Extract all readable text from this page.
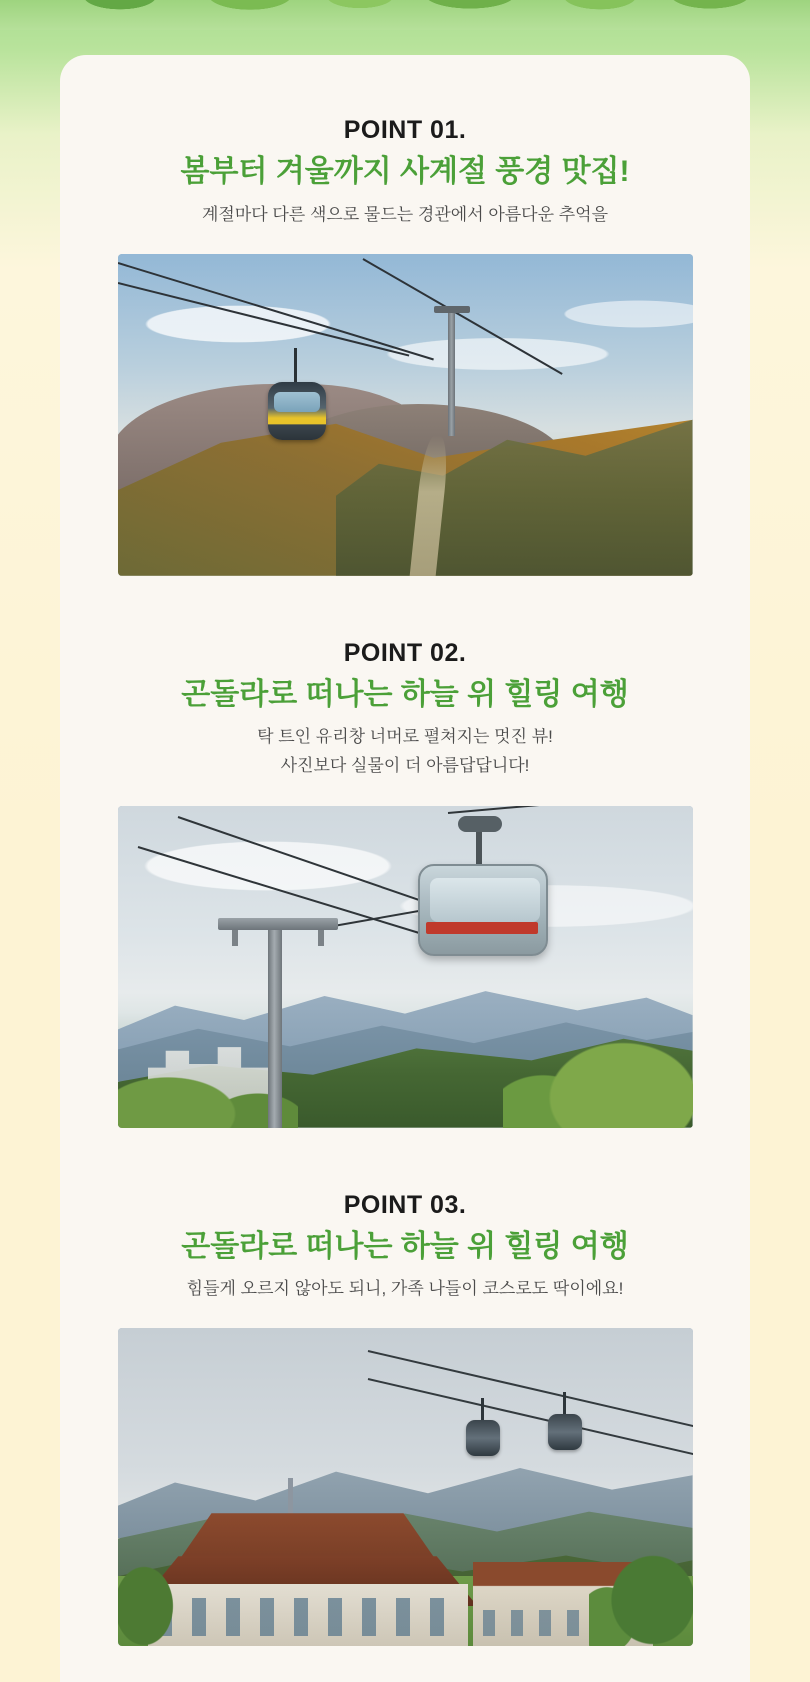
POINT 01.

봄부터 겨울까지 사계절 풍경 맛집!

계절마다 다른 색으로 물드는 경관에서 아름다운 추억을

POINT 02.

곤돌라로 떠나는 하늘 위 힐링 여행

탁 트인 유리창 너머로 펼쳐지는 멋진 뷰!

사진보다 실물이 더 아름답답니다!

POINT 03.

곤돌라로 떠나는 하늘 위 힐링 여행

힘들게 오르지 않아도 되니, 가족 나들이 코스로도 딱이에요!
